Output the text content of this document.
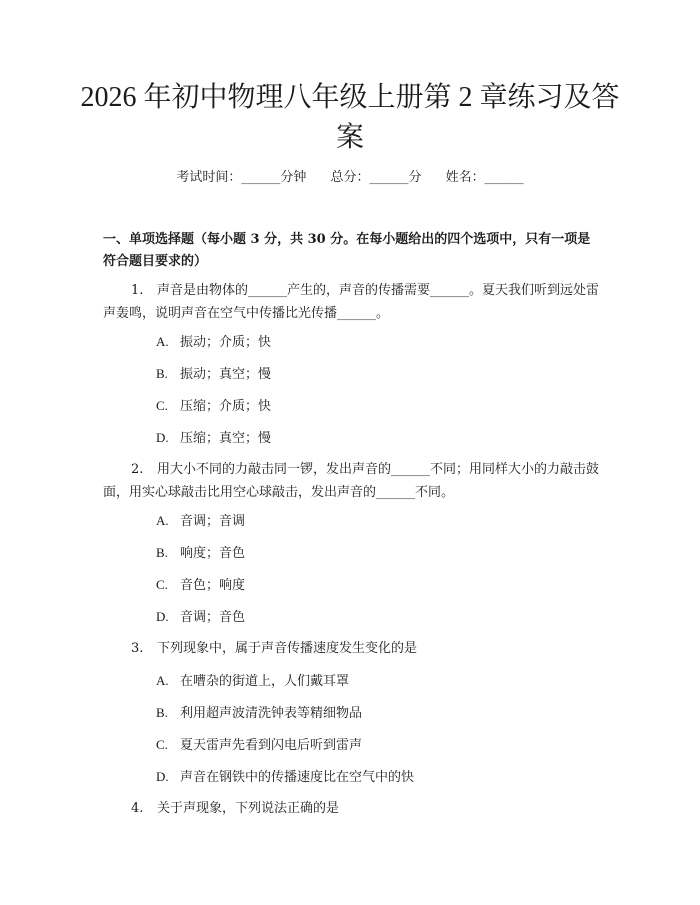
2026 年初中物理八年级上册第 2 章练习及答案
考试时间：______分钟 总分：______分 姓名：______

一、单项选择题（每小题 3 分，共 30 分。在每小题给出的四个选项中，只有一项是符合题目要求的）

1. 声音是由物体的______产生的，声音的传播需要______。夏天我们听到远处雷声轰鸣，说明声音在空气中传播比光传播______。

A. 振动；介质；快

B. 振动；真空；慢

C. 压缩；介质；快

D. 压缩；真空；慢

2. 用大小不同的力敲击同一锣，发出声音的______不同；用同样大小的力敲击鼓面，用实心球敲击比用空心球敲击，发出声音的______不同。

A. 音调；音调

B. 响度；音色

C. 音色；响度

D. 音调；音色

3. 下列现象中，属于声音传播速度发生变化的是

A. 在嘈杂的街道上，人们戴耳罩

B. 利用超声波清洗钟表等精细物品

C. 夏天雷声先看到闪电后听到雷声

D. 声音在钢铁中的传播速度比在空气中的快

4. 关于声现象，下列说法正确的是
